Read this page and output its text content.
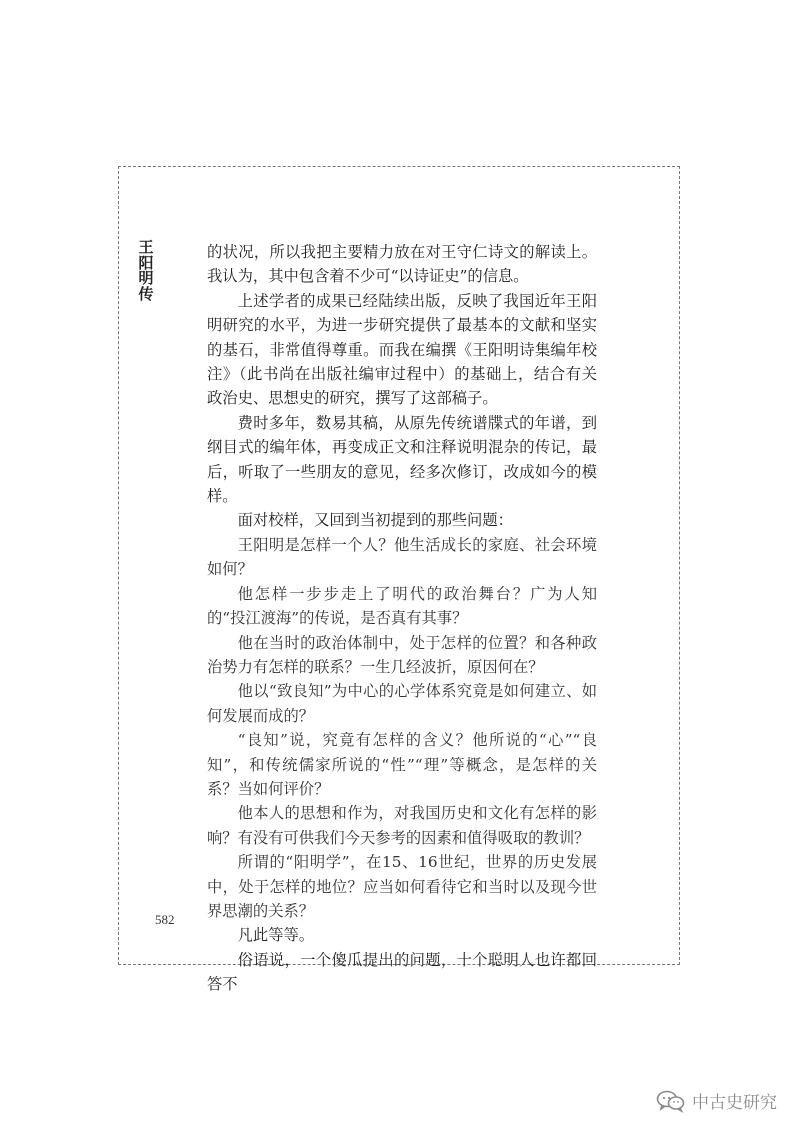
王阳明传

的状况，所以我把主要精力放在对王守仁诗文的解读上。我认为，其中包含着不少可“以诗证史”的信息。

上述学者的成果已经陆续出版，反映了我国近年王阳明研究的水平，为进一步研究提供了最基本的文献和坚实的基石，非常值得尊重。而我在编撰《王阳明诗集编年校注》（此书尚在出版社编审过程中）的基础上，结合有关政治史、思想史的研究，撰写了这部稿子。

费时多年，数易其稿，从原先传统谱牒式的年谱，到纲目式的编年体，再变成正文和注释说明混杂的传记，最后，听取了一些朋友的意见，经多次修订，改成如今的模样。

面对校样，又回到当初提到的那些问题：

王阳明是怎样一个人？他生活成长的家庭、社会环境如何？

他怎样一步步走上了明代的政治舞台？广为人知的“投江渡海”的传说，是否真有其事？

他在当时的政治体制中，处于怎样的位置？和各种政治势力有怎样的联系？一生几经波折，原因何在？

他以“致良知”为中心的心学体系究竟是如何建立、如何发展而成的？

“良知”说，究竟有怎样的含义？他所说的“心”“良知”，和传统儒家所说的“性”“理”等概念，是怎样的关系？当如何评价？

他本人的思想和作为，对我国历史和文化有怎样的影响？有没有可供我们今天参考的因素和值得吸取的教训？

所谓的“阳明学”，在15、16世纪，世界的历史发展中，处于怎样的地位？应当如何看待它和当时以及现今世界思潮的关系？

凡此等等。

俗语说，一个傻瓜提出的问题，十个聪明人也许都回答不

582
中古史研究
